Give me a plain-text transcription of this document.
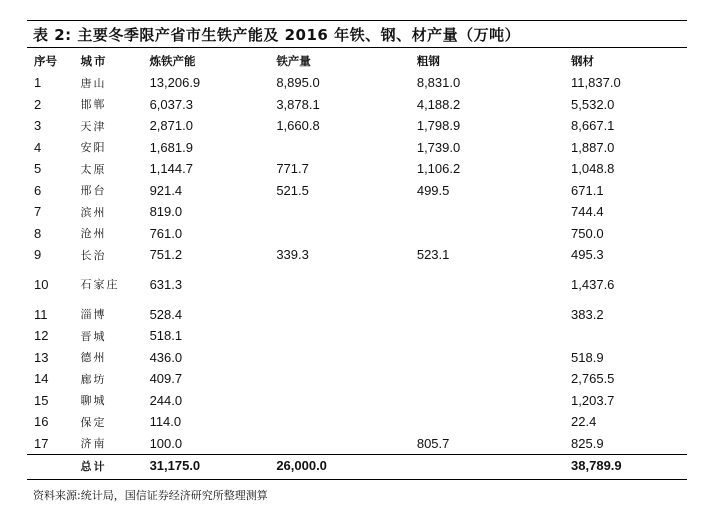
表 2: 主要冬季限产省市生铁产能及 2016 年铁、钢、材产量（万吨）
序号	城市	炼铁产能	铁产量	粗钢	钢材
1	唐山	13,206.9	8,895.0	8,831.0	11,837.0
2	邯郸	6,037.3	3,878.1	4,188.2	5,532.0
3	天津	2,871.0	1,660.8	1,798.9	8,667.1
4	安阳	1,681.9		1,739.0	1,887.0
5	太原	1,144.7	771.7	1,106.2	1,048.8
6	邢台	921.4	521.5	499.5	671.1
7	滨州	819.0			744.4
8	沧州	761.0			750.0
9	长治	751.2	339.3	523.1	495.3
10	石家庄	631.3			1,437.6
11	淄博	528.4			383.2
12	晋城	518.1			
13	德州	436.0			518.9
14	廊坊	409.7			2,765.5
15	聊城	244.0			1,203.7
16	保定	114.0			22.4
17	济南	100.0		805.7	825.9
	总计	31,175.0	26,000.0		38,789.9
资料来源:统计局，国信证券经济研究所整理测算
